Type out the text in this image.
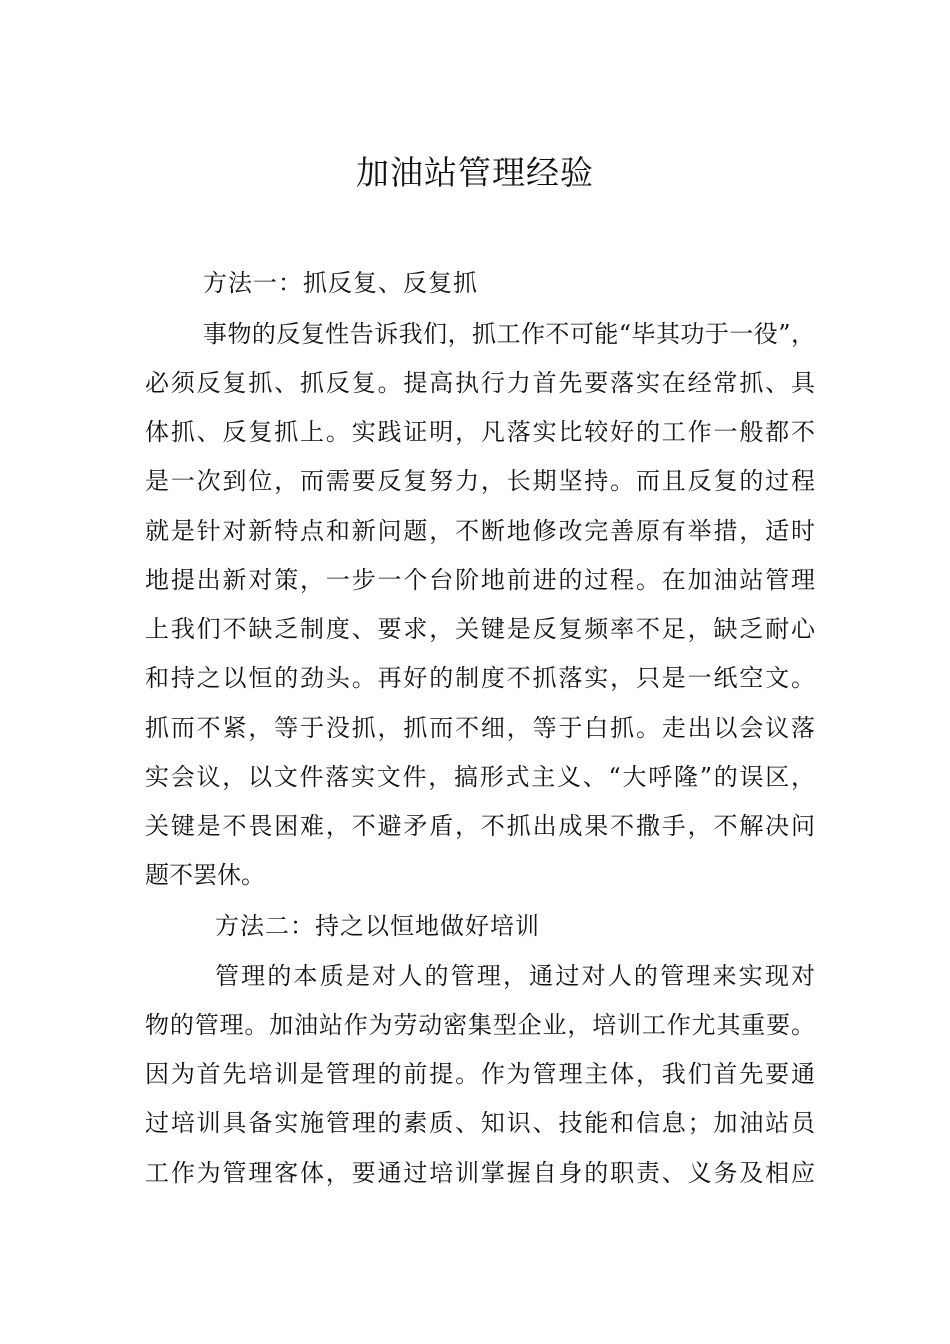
加油站管理经验
方法一：抓反复、反复抓
事物的反复性告诉我们，抓工作不可能“毕其功于一役”，
必须反复抓、抓反复。提高执行力首先要落实在经常抓、具
体抓、反复抓上。实践证明，凡落实比较好的工作一般都不
是一次到位，而需要反复努力，长期坚持。而且反复的过程
就是针对新特点和新问题，不断地修改完善原有举措，适时
地提出新对策，一步一个台阶地前进的过程。在加油站管理
上我们不缺乏制度、要求，关键是反复频率不足，缺乏耐心
和持之以恒的劲头。再好的制度不抓落实，只是一纸空文。
抓而不紧，等于没抓，抓而不细，等于白抓。走出以会议落
实会议，以文件落实文件，搞形式主义、“大呼隆”的误区，
关键是不畏困难，不避矛盾，不抓出成果不撒手，不解决问
题不罢休。
方法二：持之以恒地做好培训
管理的本质是对人的管理，通过对人的管理来实现对
物的管理。加油站作为劳动密集型企业，培训工作尤其重要。
因为首先培训是管理的前提。作为管理主体，我们首先要通
过培训具备实施管理的素质、知识、技能和信息；加油站员
工作为管理客体，要通过培训掌握自身的职责、义务及相应
